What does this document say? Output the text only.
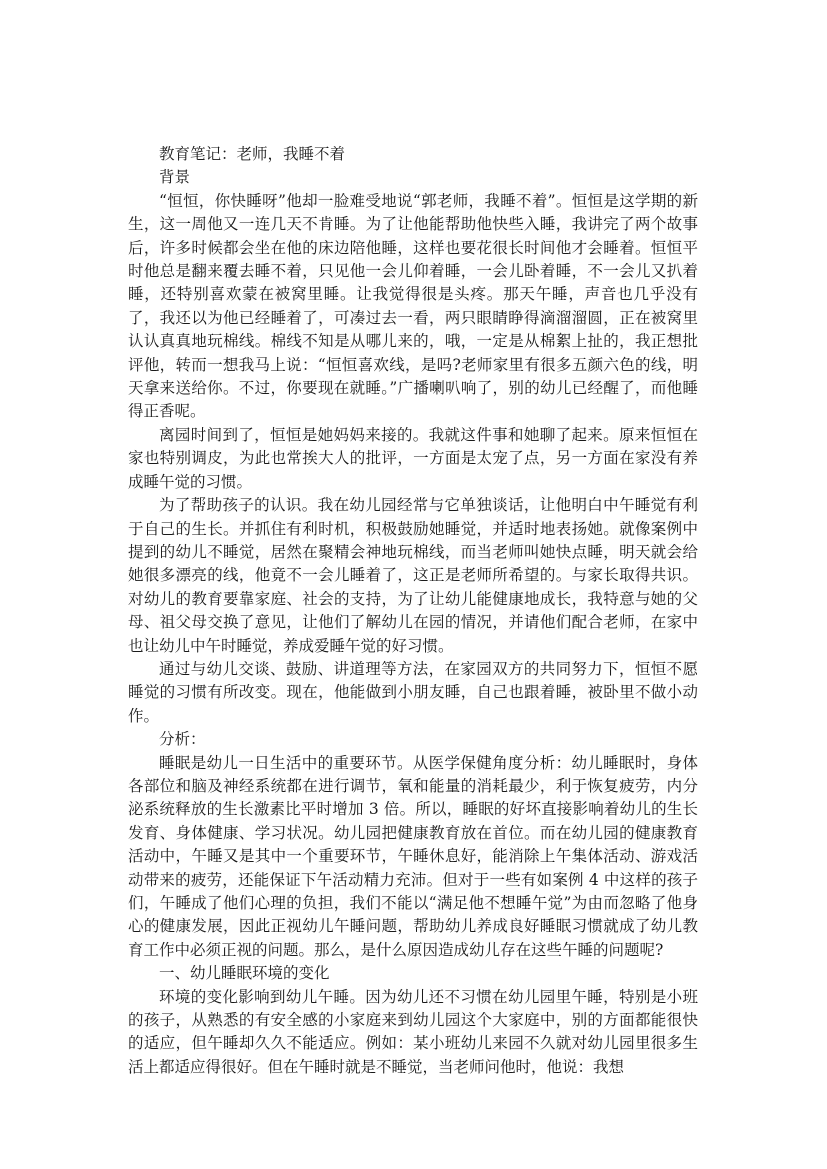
教育笔记：老师，我睡不着

背景

“恒恒，你快睡呀”他却一脸难受地说“郭老师，我睡不着”。恒恒是这学期的新生，这一周他又一连几天不肯睡。为了让他能帮助他快些入睡，我讲完了两个故事后，许多时候都会坐在他的床边陪他睡，这样也要花很长时间他才会睡着。恒恒平时他总是翻来覆去睡不着，只见他一会儿仰着睡，一会儿卧着睡，不一会儿又扒着睡，还特别喜欢蒙在被窝里睡。让我觉得很是头疼。那天午睡，声音也几乎没有了，我还以为他已经睡着了，可凑过去一看，两只眼睛睁得滴溜溜圆，正在被窝里认认真真地玩棉线。棉线不知是从哪儿来的，哦，一定是从棉絮上扯的，我正想批评他，转而一想我马上说：“恒恒喜欢线，是吗?老师家里有很多五颜六色的线，明天拿来送给你。不过，你要现在就睡。”广播喇叭响了，别的幼儿已经醒了，而他睡得正香呢。

离园时间到了，恒恒是她妈妈来接的。我就这件事和她聊了起来。原来恒恒在家也特别调皮，为此也常挨大人的批评，一方面是太宠了点，另一方面在家没有养成睡午觉的习惯。

为了帮助孩子的认识。我在幼儿园经常与它单独谈话，让他明白中午睡觉有利于自己的生长。并抓住有利时机，积极鼓励她睡觉，并适时地表扬她。就像案例中提到的幼儿不睡觉，居然在聚精会神地玩棉线，而当老师叫她快点睡，明天就会给她很多漂亮的线，他竟不一会儿睡着了，这正是老师所希望的。与家长取得共识。对幼儿的教育要靠家庭、社会的支持，为了让幼儿能健康地成长，我特意与她的父母、祖父母交换了意见，让他们了解幼儿在园的情况，并请他们配合老师，在家中也让幼儿中午时睡觉，养成爱睡午觉的好习惯。

通过与幼儿交谈、鼓励、讲道理等方法，在家园双方的共同努力下，恒恒不愿睡觉的习惯有所改变。现在，他能做到小朋友睡，自己也跟着睡，被卧里不做小动作。

分析：

睡眠是幼儿一日生活中的重要环节。从医学保健角度分析：幼儿睡眠时，身体各部位和脑及神经系统都在进行调节，氧和能量的消耗最少，利于恢复疲劳，内分泌系统释放的生长激素比平时增加 3 倍。所以，睡眠的好坏直接影响着幼儿的生长发育、身体健康、学习状况。幼儿园把健康教育放在首位。而在幼儿园的健康教育活动中，午睡又是其中一个重要环节，午睡休息好，能消除上午集体活动、游戏活动带来的疲劳，还能保证下午活动精力充沛。但对于一些有如案例 4 中这样的孩子们，午睡成了他们心理的负担，我们不能以“满足他不想睡午觉”为由而忽略了他身心的健康发展，因此正视幼儿午睡问题，帮助幼儿养成良好睡眠习惯就成了幼儿教育工作中必须正视的问题。那么，是什么原因造成幼儿存在这些午睡的问题呢?

一、幼儿睡眠环境的变化

环境的变化影响到幼儿午睡。因为幼儿还不习惯在幼儿园里午睡，特别是小班的孩子，从熟悉的有安全感的小家庭来到幼儿园这个大家庭中，别的方面都能很快的适应，但午睡却久久不能适应。例如：某小班幼儿来园不久就对幼儿园里很多生活上都适应得很好。但在午睡时就是不睡觉，当老师问他时，他说：我想
